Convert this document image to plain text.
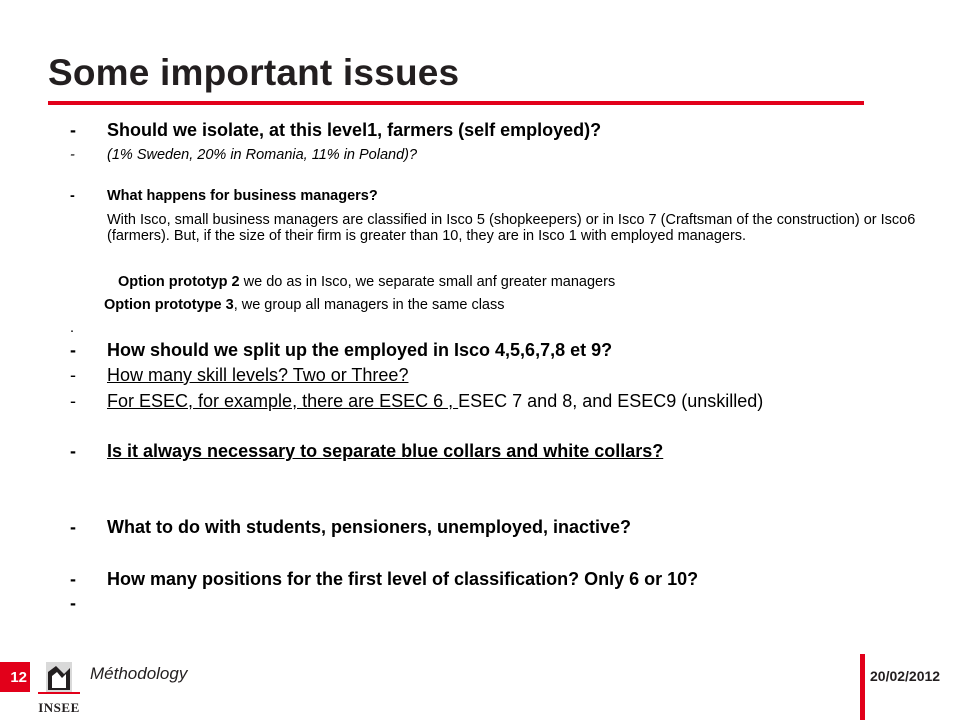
Some important issues
- Should we isolate, at this level1, farmers (self employed)?
- (1% Sweden, 20% in Romania, 11% in Poland)?
- What happens for business managers?
With Isco, small business managers are classified in Isco 5 (shopkeepers) or in Isco 7 (Craftsman of the construction) or Isco6 (farmers). But, if the size of their firm is greater than 10, they are in Isco 1 with employed managers.
Option prototyp 2 we do as in Isco, we separate small anf greater managers
Option prototype 3, we group all managers in the same class
.
- How should we split up the employed in Isco 4,5,6,7,8 et 9?
- How many skill levels? Two or Three?
- For ESEC, for example, there are ESEC 6 , ESEC 7 and 8, and ESEC9 (unskilled)
- Is it always necessary to separate blue collars and white collars?
- What to do with students, pensioners, unemployed, inactive?
- How many positions for the first level of classification? Only 6 or 10?
-
12
INSEE
Méthodology	20/02/2012
